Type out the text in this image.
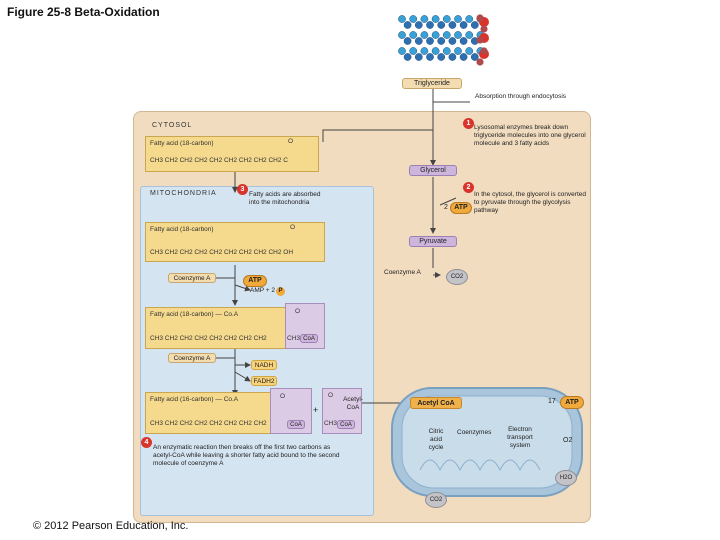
Figure 25-8 Beta-Oxidation
Triglyceride
Absorption through endocytosis
CYTOSOL
MITOCHONDRIA
1
Lysosomal enzymes break down triglyceride molecules into one glycerol molecule and 3 fatty acids
Fatty acid (18-carbon)	O
CH3 CH2 CH2 CH2 CH2 CH2 CH2 CH2 CH2 C
Glycerol
2
In the cytosol, the glycerol is converted to pyruvate through the glycolysis pathway
2 ATP
3
Fatty acids are absorbed into the mitochondria
Fatty acid (18-carbon)	O
CH3 CH2 CH2 CH2 CH2 CH2 CH2 CH2 CH2 OH
Pyruvate
Coenzyme A
CO2
Coenzyme A	ATP
AMP + 2 P
Fatty acid (18-carbon) — Co.A	O
CH3 CH2 CH2 CH2 CH2 CH2 CH2 CH2	CH3 CoA
Coenzyme A
NADH
FADH2
Fatty acid (16-carbon) — Co.A	O
CH3 CH2 CH2 CH2 CH2 CH2 CH2 CH2	CoA
+
O
Acetyl-CoA
CH3 CoA
4
An enzymatic reaction then breaks off the first two carbons as acetyl-CoA while leaving a shorter fatty acid bound to the second molecule of coenzyme A
Acetyl CoA
Citric acid cycle
Coenzymes	Electron transport system
17	ATP
O2
H2O
CO2
© 2012 Pearson Education, Inc.
